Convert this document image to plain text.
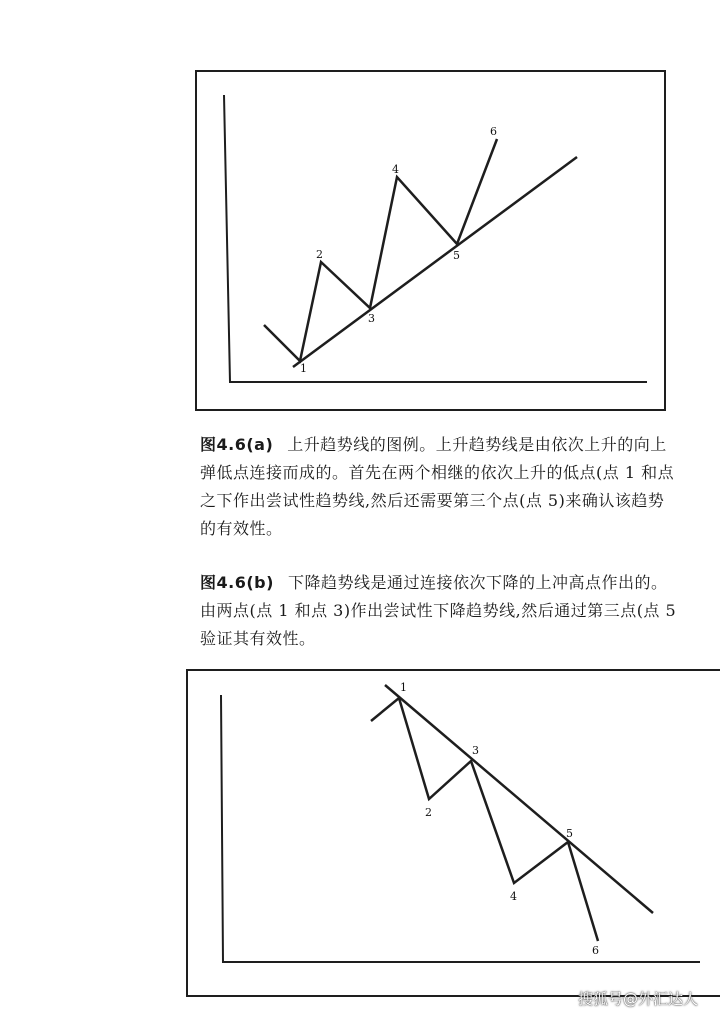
1
2
3
4
5
6
图4.6(a) 上升趋势线的图例。上升趋势线是由依次上升的向上
弹低点连接而成的。首先在两个相继的依次上升的低点(点 1 和点
之下作出尝试性趋势线,然后还需要第三个点(点 5)来确认该趋势
的有效性。
图4.6(b) 下降趋势线是通过连接依次下降的上冲高点作出的。
由两点(点 1 和点 3)作出尝试性下降趋势线,然后通过第三点(点 5
验证其有效性。
1
2
3
4
5
6
搜狐号@外汇达人
